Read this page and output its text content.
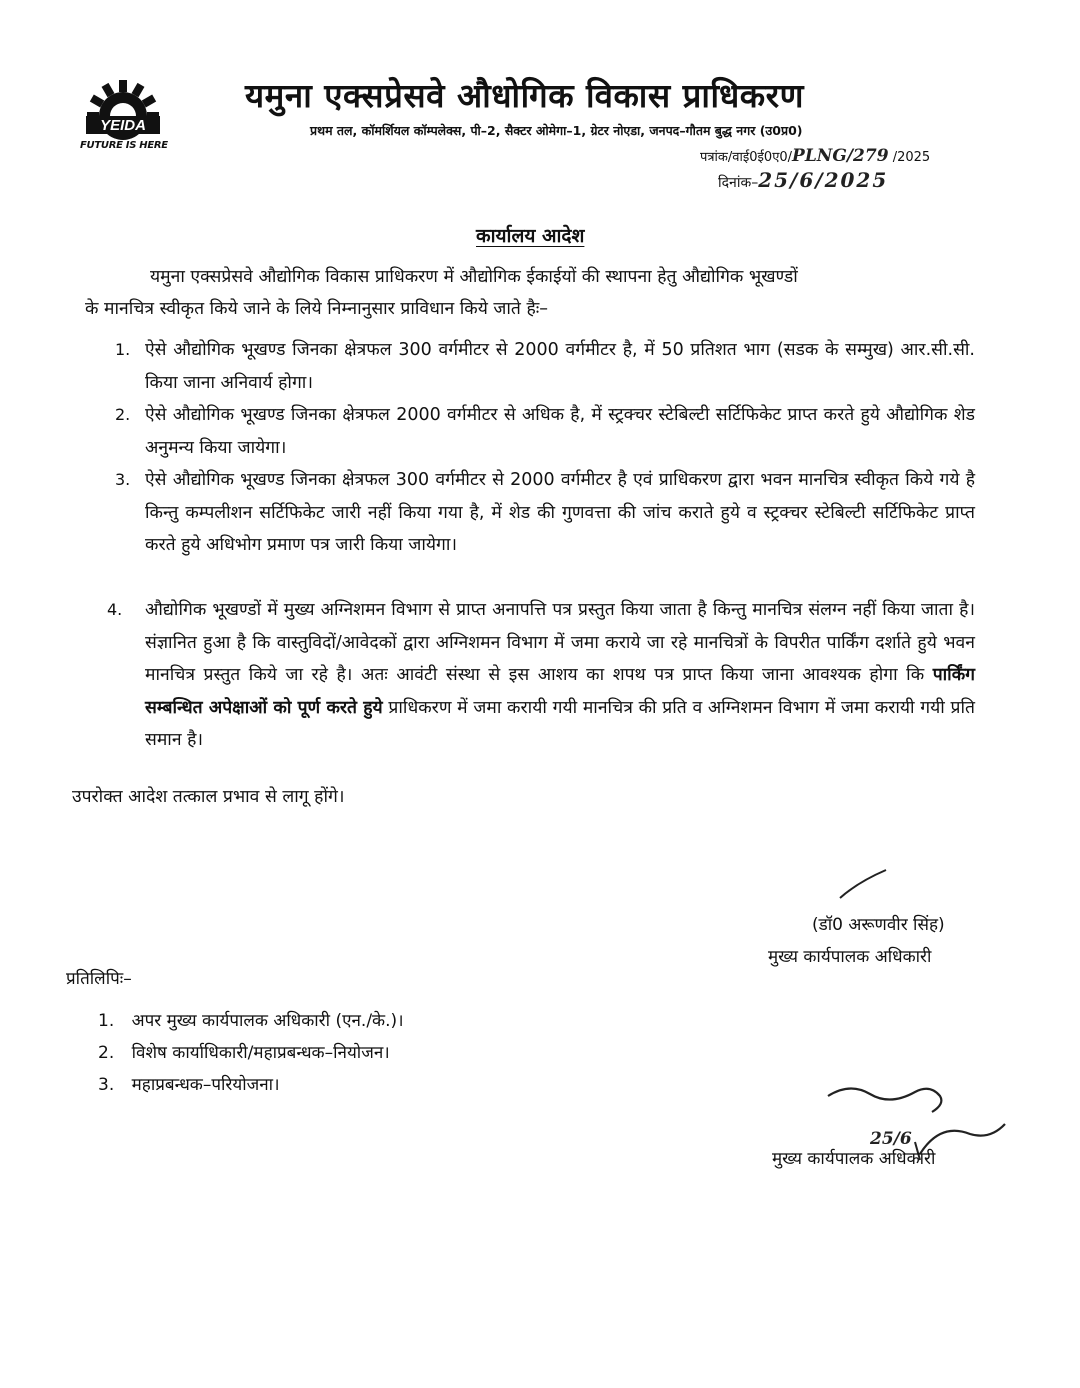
YEIDA
FUTURE IS HERE
यमुना एक्सप्रेसवे औधोगिक विकास प्राधिकरण
प्रथम तल, कॉमर्शियल कॉम्पलेक्स, पी–2, सैक्टर ओमेगा–1, ग्रेटर नोएडा, जनपद–गौतम बुद्ध नगर (उ0प्र0)
पत्रांक/वाई0ई0ए0/PLNG/279 /2025
दिनांक–25/6/2025
कार्यालय आदेश
यमुना एक्सप्रेसवे औद्योगिक विकास प्राधिकरण में औद्योगिक ईकाईयों की स्थापना हेतु औद्योगिक भूखण्डों
के मानचित्र स्वीकृत किये जाने के लिये निम्नानुसार प्राविधान किये जाते हैः–
1. ऐसे औद्योगिक भूखण्ड जिनका क्षेत्रफल 300 वर्गमीटर से 2000 वर्गमीटर है, में 50 प्रतिशत भाग (सडक के सम्मुख) आर.सी.सी. किया जाना अनिवार्य होगा।
2. ऐसे औद्योगिक भूखण्ड जिनका क्षेत्रफल 2000 वर्गमीटर से अधिक है, में स्ट्रक्चर स्टेबिल्टी सर्टिफिकेट प्राप्त करते हुये औद्योगिक शेड अनुमन्य किया जायेगा।
3. ऐसे औद्योगिक भूखण्ड जिनका क्षेत्रफल 300 वर्गमीटर से 2000 वर्गमीटर है एवं प्राधिकरण द्वारा भवन मानचित्र स्वीकृत किये गये है किन्तु कम्पलीशन सर्टिफिकेट जारी नहीं किया गया है, में शेड की गुणवत्ता की जांच कराते हुये व स्ट्रक्चर स्टेबिल्टी सर्टिफिकेट प्राप्त करते हुये अधिभोग प्रमाण पत्र जारी किया जायेगा।
4. औद्योगिक भूखण्डों में मुख्य अग्निशमन विभाग से प्राप्त अनापत्ति पत्र प्रस्तुत किया जाता है किन्तु मानचित्र संलग्न नहीं किया जाता है। संज्ञानित हुआ है कि वास्तुविदों/आवेदकों द्वारा अग्निशमन विभाग में जमा कराये जा रहे मानचित्रों के विपरीत पार्किंग दर्शाते हुये भवन मानचित्र प्रस्तुत किये जा रहे है। अतः आवंटी संस्था से इस आशय का शपथ पत्र प्राप्त किया जाना आवश्यक होगा कि पार्किंग सम्बन्धित अपेक्षाओं को पूर्ण करते हुये प्राधिकरण में जमा करायी गयी मानचित्र की प्रति व अग्निशमन विभाग में जमा करायी गयी प्रति समान है।
उपरोक्त आदेश तत्काल प्रभाव से लागू होंगे।
(डॉ0 अरूणवीर सिंह)
मुख्य कार्यपालक अधिकारी
प्रतिलिपिः–
1. अपर मुख्य कार्यपालक अधिकारी (एन./के.)।
2. विशेष कार्याधिकारी/महाप्रबन्धक–नियोजन।
3. महाप्रबन्धक–परियोजना।
25/6
मुख्य कार्यपालक अधिकारी
